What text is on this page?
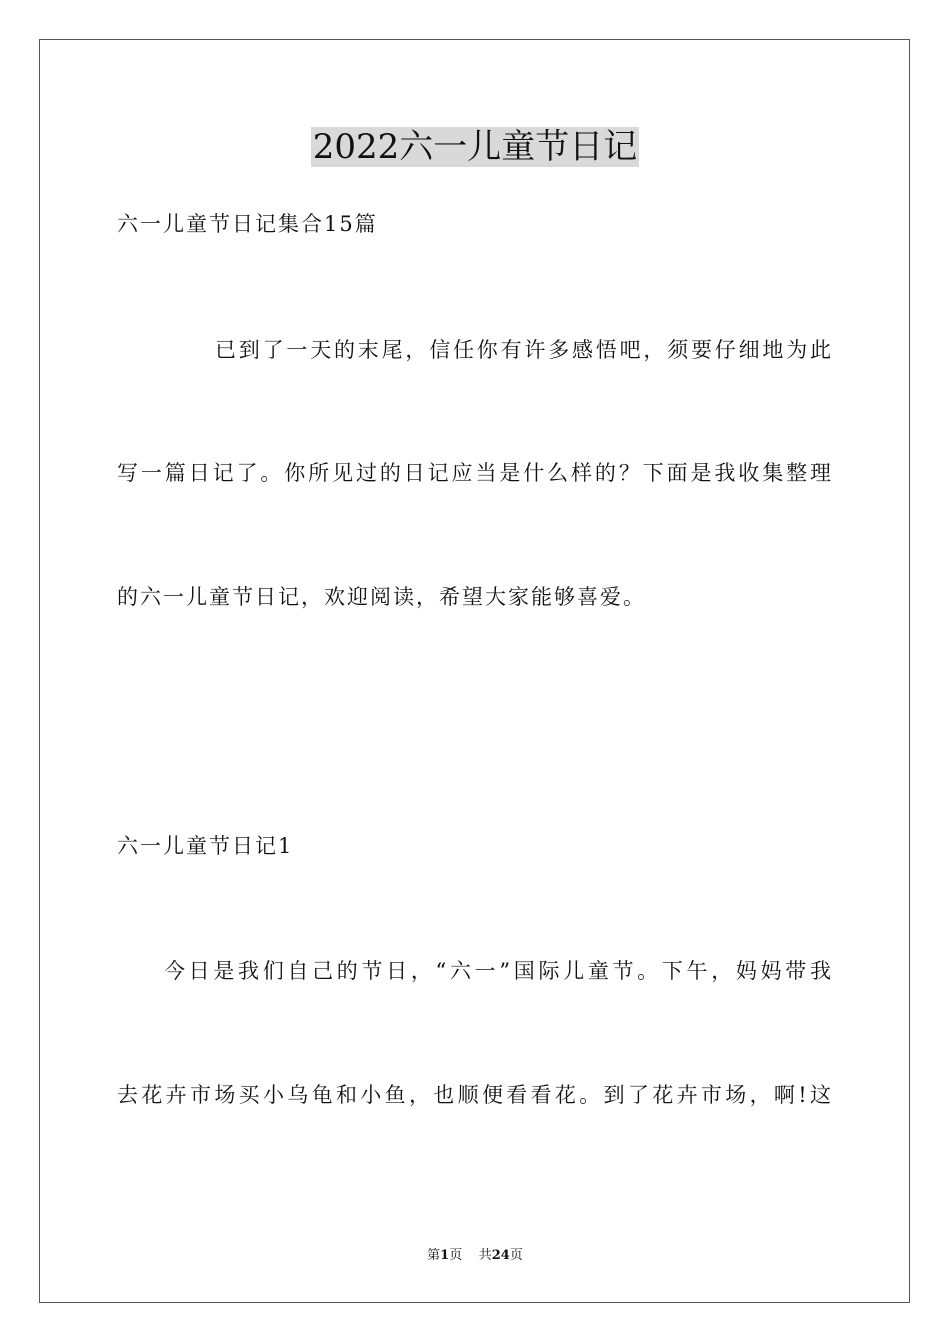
2022六一儿童节日记
六一儿童节日记集合15篇
已到了一天的末尾，信任你有许多感悟吧，须要仔细地为此
写一篇日记了。你所见过的日记应当是什么样的？下面是我收集整理
的六一儿童节日记，欢迎阅读，希望大家能够喜爱。
六一儿童节日记1
今日是我们自己的节日，“六一”国际儿童节。下午，妈妈带我
去花卉市场买小乌龟和小鱼，也顺便看看花。到了花卉市场，啊!这
第1页 共24页
